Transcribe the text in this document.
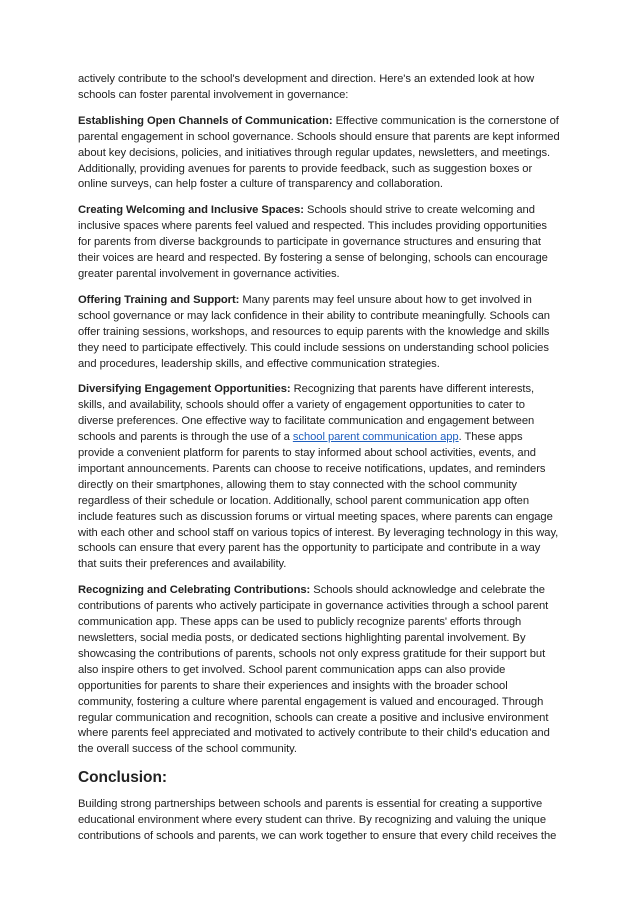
actively contribute to the school's development and direction. Here's an extended look at how schools can foster parental involvement in governance:

Establishing Open Channels of Communication: Effective communication is the cornerstone of parental engagement in school governance. Schools should ensure that parents are kept informed about key decisions, policies, and initiatives through regular updates, newsletters, and meetings. Additionally, providing avenues for parents to provide feedback, such as suggestion boxes or online surveys, can help foster a culture of transparency and collaboration.

Creating Welcoming and Inclusive Spaces: Schools should strive to create welcoming and inclusive spaces where parents feel valued and respected. This includes providing opportunities for parents from diverse backgrounds to participate in governance structures and ensuring that their voices are heard and respected. By fostering a sense of belonging, schools can encourage greater parental involvement in governance activities.

Offering Training and Support: Many parents may feel unsure about how to get involved in school governance or may lack confidence in their ability to contribute meaningfully. Schools can offer training sessions, workshops, and resources to equip parents with the knowledge and skills they need to participate effectively. This could include sessions on understanding school policies and procedures, leadership skills, and effective communication strategies.

Diversifying Engagement Opportunities: Recognizing that parents have different interests, skills, and availability, schools should offer a variety of engagement opportunities to cater to diverse preferences. One effective way to facilitate communication and engagement between schools and parents is through the use of a school parent communication app. These apps provide a convenient platform for parents to stay informed about school activities, events, and important announcements. Parents can choose to receive notifications, updates, and reminders directly on their smartphones, allowing them to stay connected with the school community regardless of their schedule or location. Additionally, school parent communication app often include features such as discussion forums or virtual meeting spaces, where parents can engage with each other and school staff on various topics of interest. By leveraging technology in this way, schools can ensure that every parent has the opportunity to participate and contribute in a way that suits their preferences and availability.

Recognizing and Celebrating Contributions: Schools should acknowledge and celebrate the contributions of parents who actively participate in governance activities through a school parent communication app. These apps can be used to publicly recognize parents' efforts through newsletters, social media posts, or dedicated sections highlighting parental involvement. By showcasing the contributions of parents, schools not only express gratitude for their support but also inspire others to get involved. School parent communication apps can also provide opportunities for parents to share their experiences and insights with the broader school community, fostering a culture where parental engagement is valued and encouraged. Through regular communication and recognition, schools can create a positive and inclusive environment where parents feel appreciated and motivated to actively contribute to their child's education and the overall success of the school community.

Conclusion:

Building strong partnerships between schools and parents is essential for creating a supportive educational environment where every student can thrive. By recognizing and valuing the unique contributions of schools and parents, we can work together to ensure that every child receives the
